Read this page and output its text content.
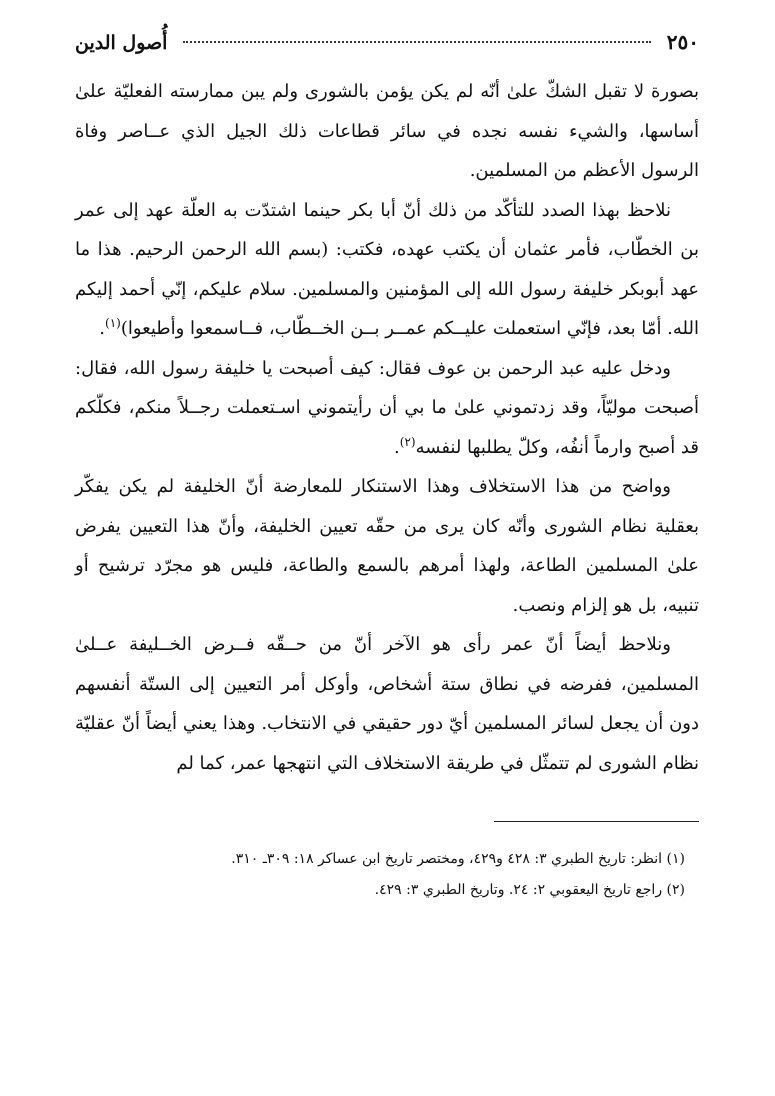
٢٥٠
أُصول الدين

بصورة لا تقبل الشكّ علىٰ أنّه لم يكن يؤمن بالشورى ولم يبن ممارسته الفعليّة علىٰ أساسها، والشيء نفسه نجده في سائر قطاعات ذلك الجيل الذي عــاصر وفاة الرسول الأعظم من المسلمين.

نلاحظ بهذا الصدد للتأكّد من ذلك أنّ أبا بكر حينما اشتدّت به العلّة عهد إلى عمر بن الخطّاب، فأمر عثمان أن يكتب عهده، فكتب: (بسم الله الرحمن الرحيم. هذا ما عهد أبوبكر خليفة رسول الله إلى المؤمنين والمسلمين. سلام عليكم، إنّي أحمد إليكم الله. أمّا بعد، فإنّي استعملت عليــكم عمــر بــن الخــطّاب، فــاسمعوا وأطيعوا)$^{(١)}$.

ودخل عليه عبد الرحمن بن عوف فقال: كيف أصبحت يا خليفة رسول الله، فقال: أصبحت موليّاً، وقد زدتموني علىٰ ما بي أن رأيتموني اسـتعملت رجــلاً منكم، فكلّكم قد أصبح وارماً أنفُه، وكلّ يطلبها لنفسه$^{(٢)}$.

وواضح من هذا الاستخلاف وهذا الاستنكار للمعارضة أنّ الخليفة لم يكن يفكّر بعقلية نظام الشورى وأنّه كان يرى من حقّه تعيين الخليفة، وأنّ هذا التعيين يفرض علىٰ المسلمين الطاعة، ولهذا أمرهم بالسمع والطاعة، فليس هو مجرّد ترشيح أو تنبيه، بل هو إلزام ونصب.

ونلاحظ أيضاً أنّ عمر رأى هو الآخر أنّ من حــقّه فــرض الخــليفة عــلىٰ المسلمين، ففرضه في نطاق ستة أشخاص، وأوكل أمر التعيين إلى الستّة أنفسهم دون أن يجعل لسائر المسلمين أيّ دور حقيقي في الانتخاب. وهذا يعني أيضاً أنّ عقليّة نظام الشورى لم تتمثّل في طريقة الاستخلاف التي انتهجها عمر، كما لم

(١) انظر: تاريخ الطبري ٣: ٤٢٨ و٤٢٩، ومختصر تاريخ ابن عساكر ١٨: ٣٠٩ـ ٣١٠.

(٢) راجع تاريخ اليعقوبي ٢: ٢٤. وتاريخ الطبري ٣: ٤٢٩.
